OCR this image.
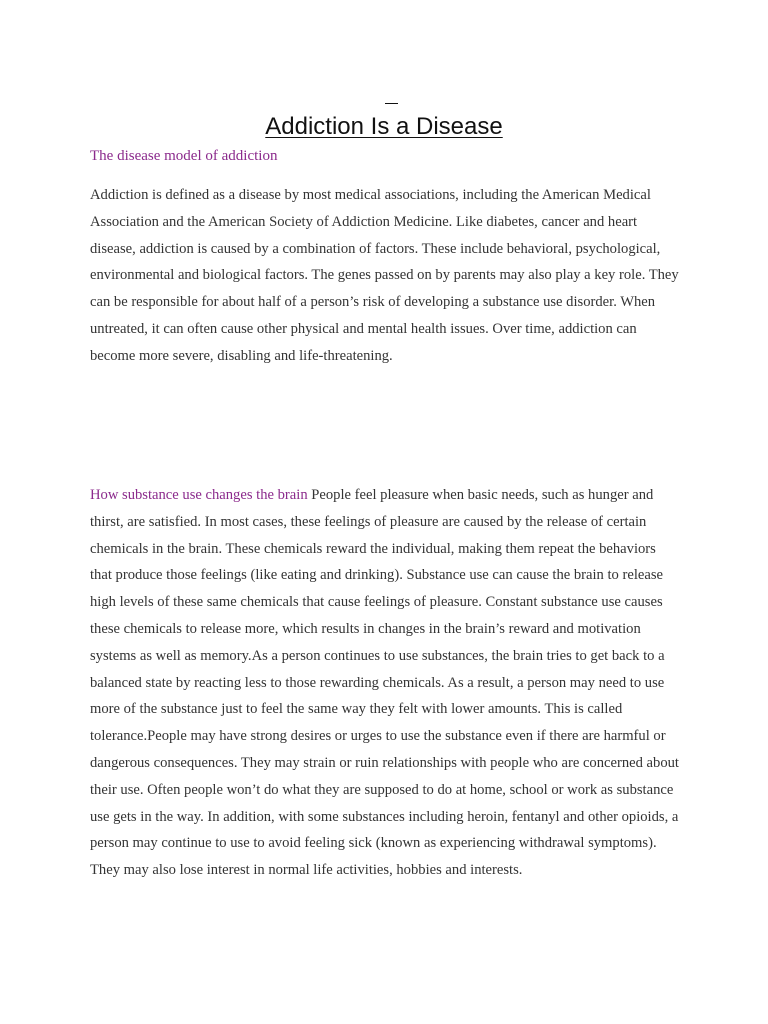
Addiction Is a Disease
The disease model of addiction

Addiction is defined as a disease by most medical associations, including the American Medical Association and the American Society of Addiction Medicine. Like diabetes, cancer and heart disease, addiction is caused by a combination of factors. These include behavioral, psychological, environmental and biological factors. The genes passed on by parents may also play a key role. They can be responsible for about half of a person’s risk of developing a substance use disorder. When untreated, it can often cause other physical and mental health issues. Over time, addiction can become more severe, disabling and life-threatening.

How substance use changes the brain People feel pleasure when basic needs, such as hunger and thirst, are satisfied. In most cases, these feelings of pleasure are caused by the release of certain chemicals in the brain. These chemicals reward the individual, making them repeat the behaviors that produce those feelings (like eating and drinking). Substance use can cause the brain to release high levels of these same chemicals that cause feelings of pleasure. Constant substance use causes these chemicals to release more, which results in changes in the brain’s reward and motivation systems as well as memory.As a person continues to use substances, the brain tries to get back to a balanced state by reacting less to those rewarding chemicals. As a result, a person may need to use more of the substance just to feel the same way they felt with lower amounts. This is called tolerance.People may have strong desires or urges to use the substance even if there are harmful or dangerous consequences. They may strain or ruin relationships with people who are concerned about their use. Often people won’t do what they are supposed to do at home, school or work as substance use gets in the way. In addition, with some substances including heroin, fentanyl and other opioids, a person may continue to use to avoid feeling sick (known as experiencing withdrawal symptoms). They may also lose interest in normal life activities, hobbies and interests.
